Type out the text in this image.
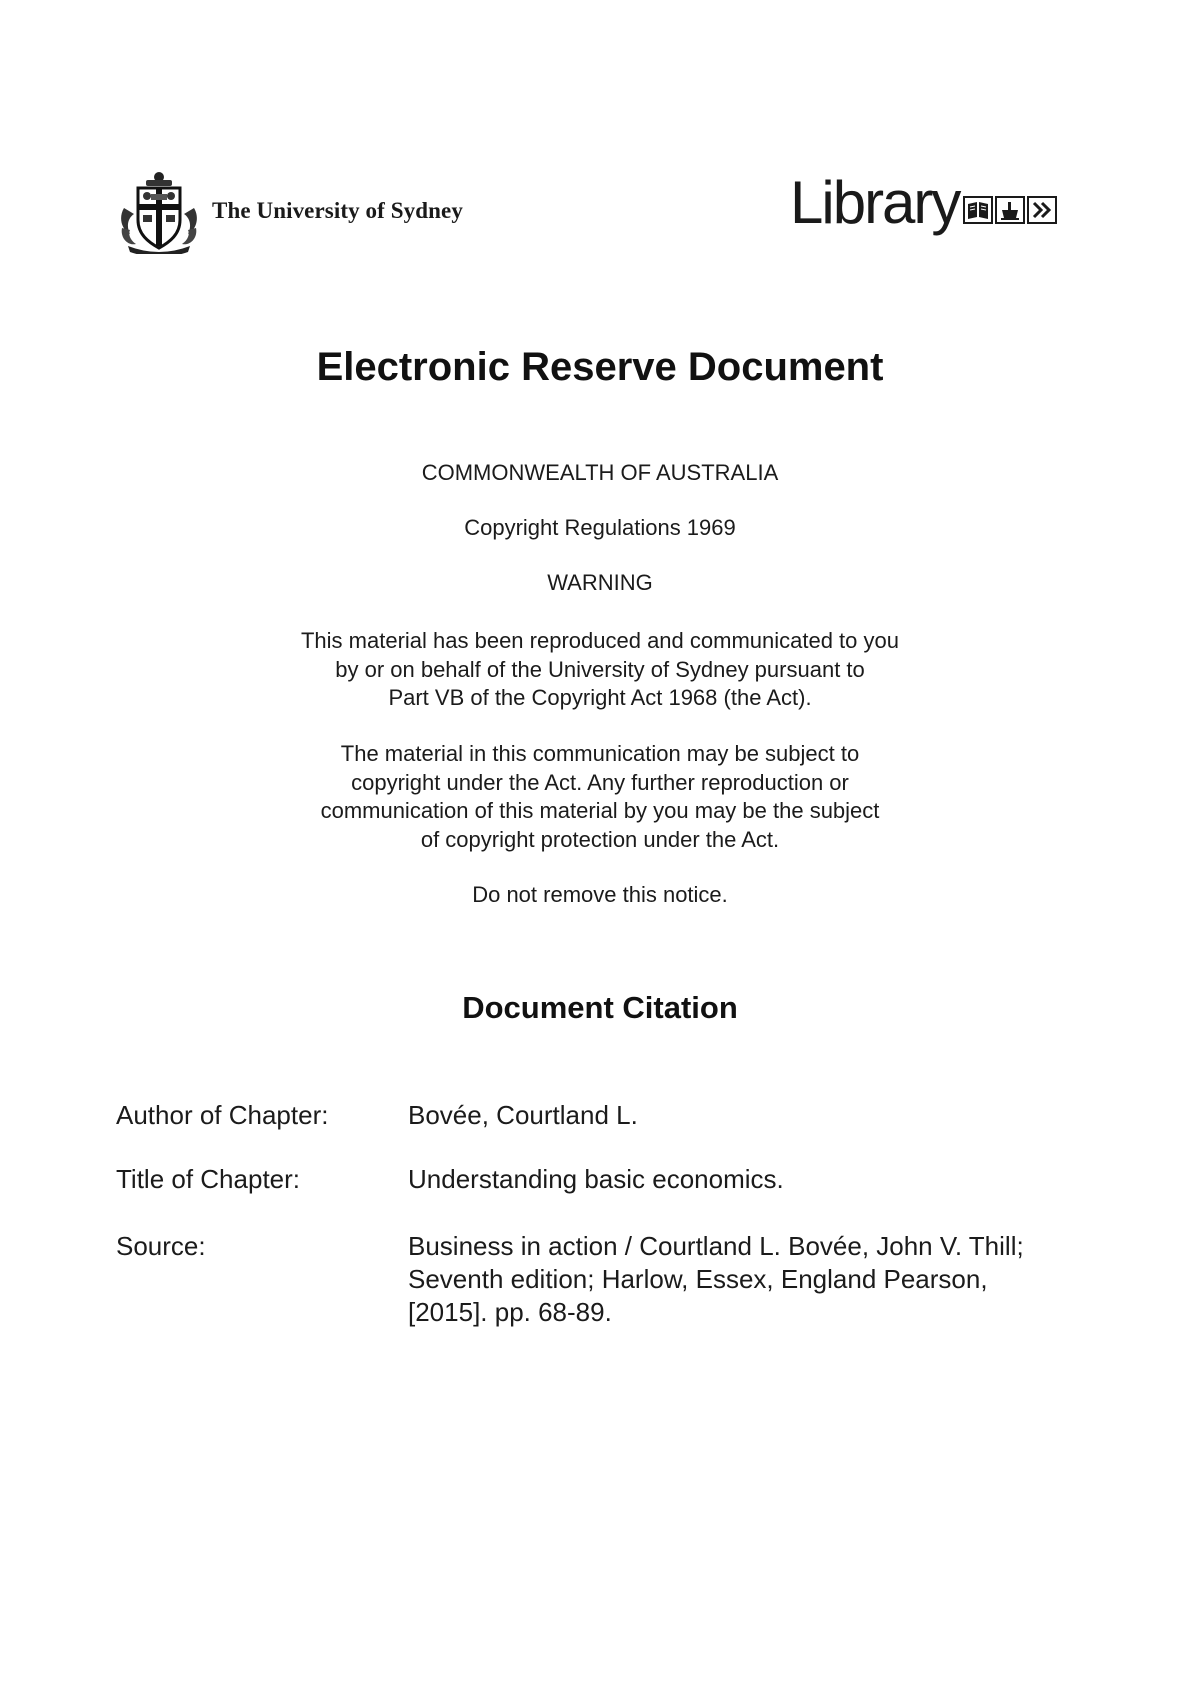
The University of Sydney	Library
Electronic Reserve Document
COMMONWEALTH OF AUSTRALIA
Copyright Regulations 1969
WARNING

This material has been reproduced and communicated to you

by or on behalf of the University of Sydney pursuant to

Part VB of the Copyright Act 1968 (the Act).

The material in this communication may be subject to

copyright under the Act. Any further reproduction or

communication of this material by you may be the subject

of copyright protection under the Act.

Do not remove this notice.
Document Citation
Author of Chapter:	Bovée, Courtland L.
Title of Chapter:	Understanding basic economics.
Source:	Business in action / Courtland L. Bovée, John V. Thill;
Seventh edition; Harlow, Essex, England Pearson,
[2015]. pp. 68-89.
